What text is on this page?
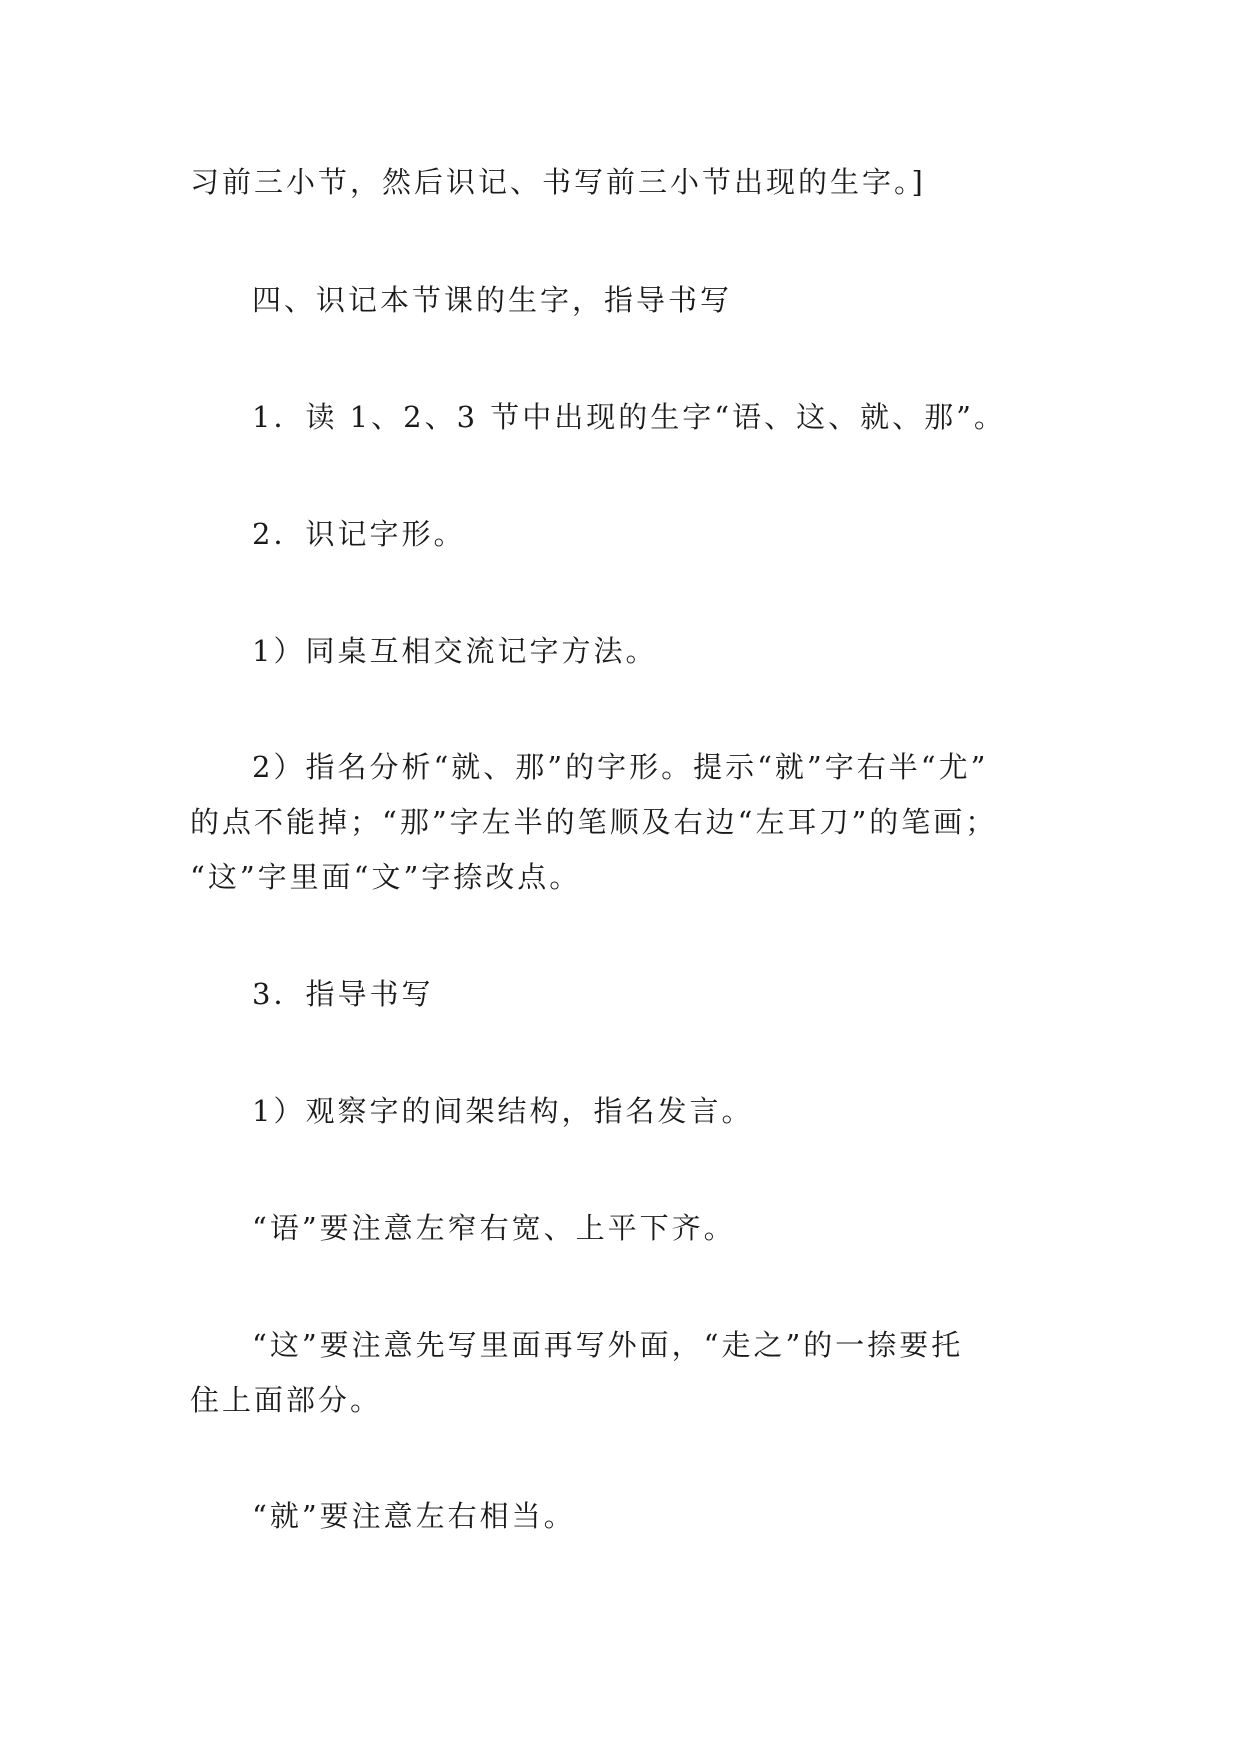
习前三小节，然后识记、书写前三小节出现的生字。]
四、识记本节课的生字，指导书写
1．读 1、2、3 节中出现的生字“语、这、就、那”。
2．识记字形。
1）同桌互相交流记字方法。
2）指名分析“就、那”的字形。提示“就”字右半“尤”
的点不能掉；“那”字左半的笔顺及右边“左耳刀”的笔画；
“这”字里面“文”字捺改点。
3．指导书写
1）观察字的间架结构，指名发言。
“语”要注意左窄右宽、上平下齐。
“这”要注意先写里面再写外面，“走之”的一捺要托
住上面部分。
“就”要注意左右相当。
